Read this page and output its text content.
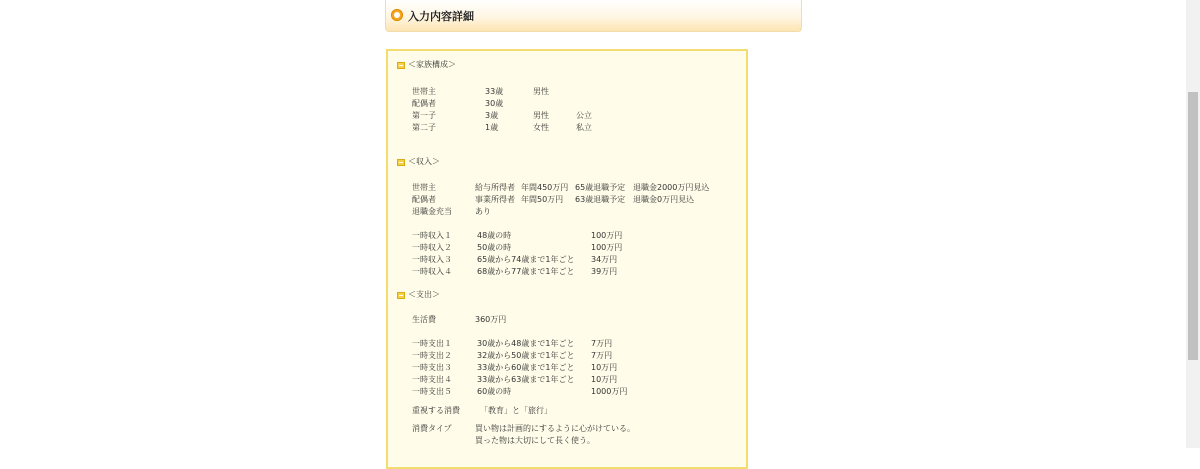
入力内容詳細
＜家族構成＞
世帯主	33歳	男性
配偶者	30歳
第一子	3歳	男性	公立
第二子	1歳	女性	私立
＜収入＞
世帯主	給与所得者 年間450万円 65歳退職予定 退職金2000万円見込
配偶者	事業所得者 年間50万円 63歳退職予定 退職金0万円見込
退職金充当	あり
一時収入１	48歳の時	100万円
一時収入２	50歳の時	100万円
一時収入３	65歳から74歳まで1年ごと 34万円
一時収入４	68歳から77歳まで1年ごと 39万円
＜支出＞
生活費	360万円
一時支出１	30歳から48歳まで1年ごと 7万円
一時支出２	32歳から50歳まで1年ごと 7万円
一時支出３	33歳から60歳まで1年ごと 10万円
一時支出４	33歳から63歳まで1年ごと 10万円
一時支出５	60歳の時	1000万円
重視する消費	「教育」と「旅行」
消費タイプ	買い物は計画的にするように心がけている。
買った物は大切にして長く使う。
